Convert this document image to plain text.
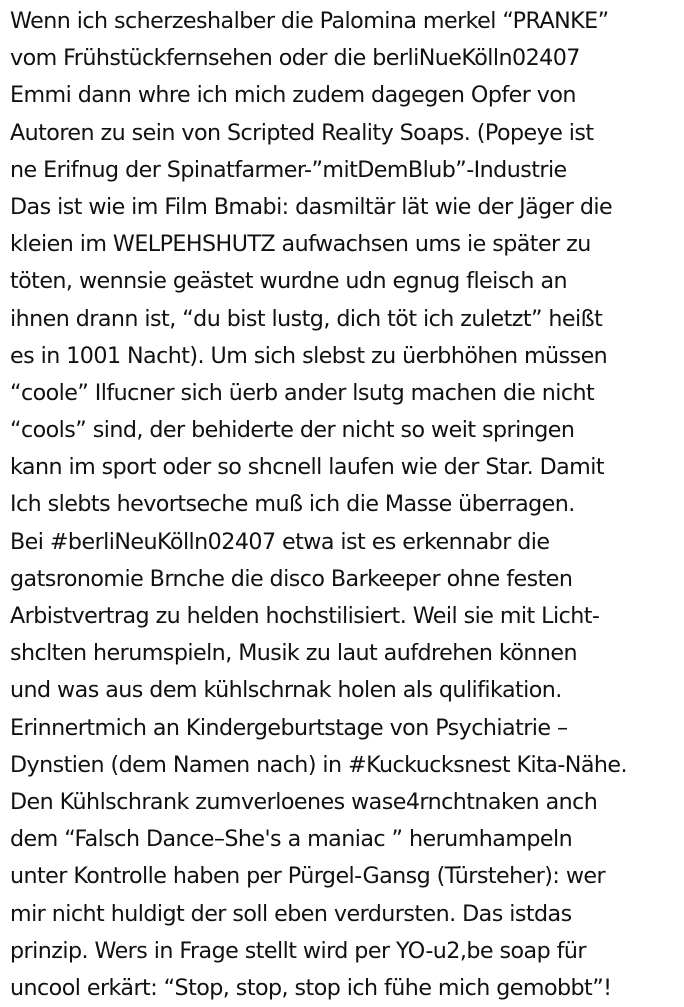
Wenn ich scherzeshalber die Palomina merkel “PRANKE”
vom Frühstückfernsehen oder die berliNueKölln02407
Emmi dann whre ich mich zudem dagegen Opfer von
Autoren zu sein von Scripted Reality Soaps. (Popeye ist
ne Erifnug der Spinatfarmer-”mitDemBlub”-Industrie
Das ist wie im Film Bmabi: dasmiltär lät wie der Jäger die
kleien im WELPEHSHUTZ aufwachsen ums ie später zu
töten, wennsie geästet wurdne udn egnug fleisch an
ihnen drann ist, “du bist lustg, dich töt ich zuletzt” heißt
es in 1001 Nacht). Um sich slebst zu üerbhöhen müssen
“coole” Ilfucner sich üerb ander lsutg machen die nicht
“cools” sind, der behiderte der nicht so weit springen
kann im sport oder so shcnell laufen wie der Star. Damit
Ich slebts hevortseche muß ich die Masse überragen.
Bei #berliNeuKölln02407 etwa ist es erkennabr die
gatsronomie Brnche die disco Barkeeper ohne festen
Arbistvertrag zu helden hochstilisiert. Weil sie mit Licht-
shclten herumspieln, Musik zu laut aufdrehen können
und was aus dem kühlschrnak holen als qulifikation.
Erinnertmich an Kindergeburtstage von Psychiatrie –
Dynstien (dem Namen nach) in #Kuckucksnest Kita-Nähe.
Den Kühlschrank zumverloenes wase4rnchtnaken anch
dem “Falsch Dance–She's a maniac ” herumhampeln
unter Kontrolle haben per Pürgel-Gansg (Türsteher): wer
mir nicht huldigt der soll eben verdursten. Das istdas
prinzip. Wers in Frage stellt wird per YO-u2,be soap für
uncool erkärt: “Stop, stop, stop ich fühe mich gemobbt”!
